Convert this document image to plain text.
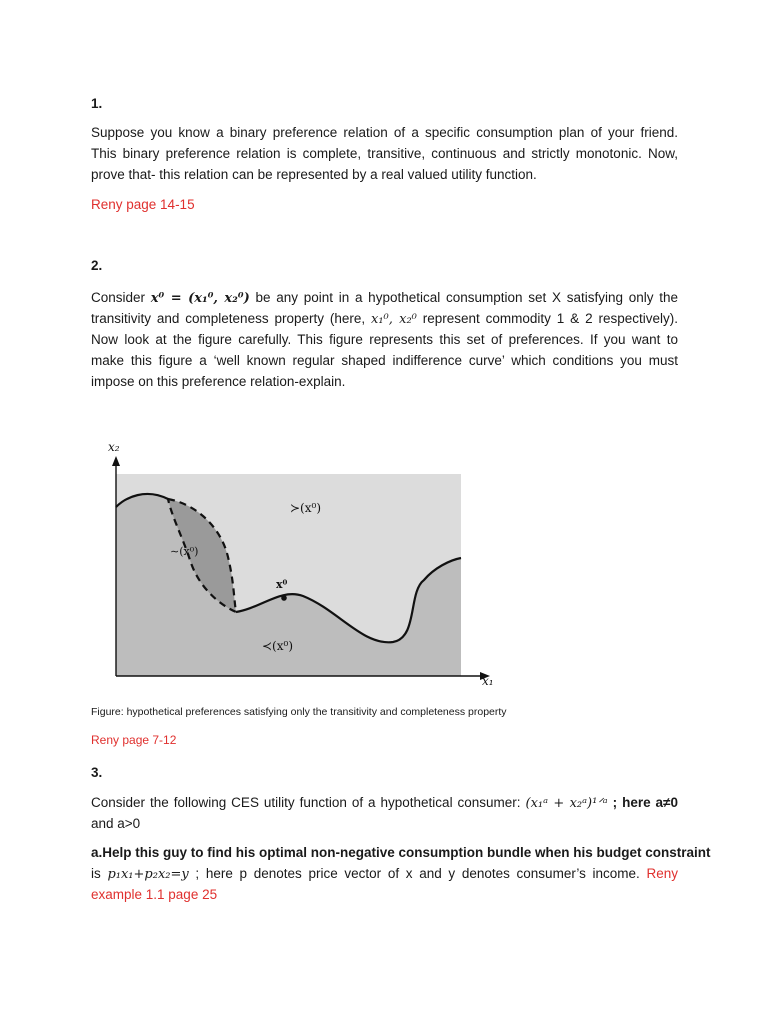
1.
Suppose you know a binary preference relation of a specific consumption plan of your friend.
This binary preference relation is complete, transitive, continuous and strictly monotonic. Now,
prove that- this relation can be represented by a real valued utility function.
Reny page 14-15
2.
Consider x⁰ = (x₁⁰, x₂⁰) be any point in a hypothetical consumption set X satisfying only the
transitivity and completeness property (here, x₁⁰, x₂⁰ represent commodity 1 & 2 respectively).
Now look at the figure carefully. This figure represents this set of preferences. If you want to
make this figure a ‘well known regular shaped indifference curve’ which conditions you must
impose on this preference relation-explain.
x₂
x₁
≻(x⁰)
∼(x⁰)
x⁰
≺(x⁰)
Figure: hypothetical preferences satisfying only the transitivity and completeness property
Reny page 7-12
3.
Consider the following CES utility function of a hypothetical consumer: (x₁ᵃ + x₂ᵃ)¹ᐟᵃ ; here a≠0
and a>0
a.Help this guy to find his optimal non-negative consumption bundle when his budget constraint
is p₁x₁+p₂x₂=y ; here p denotes price vector of x and y denotes consumer’s income. Reny
example 1.1 page 25
